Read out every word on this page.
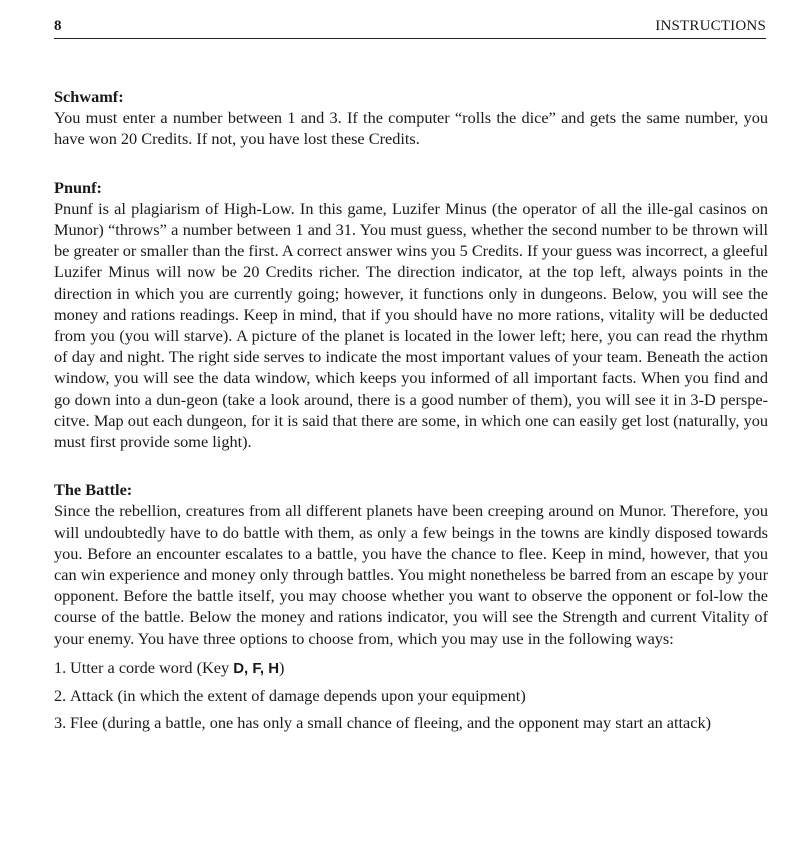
8	INSTRUCTIONS
Schwamf:

You must enter a number between 1 and 3. If the computer “rolls the dice” and gets the same number, you have won 20 Credits. If not, you have lost these Credits.

Pnunf:

Pnunf is al plagiarism of High-Low. In this game, Luzifer Minus (the operator of all the ille-gal casinos on Munor) “throws” a number between 1 and 31. You must guess, whether the second number to be thrown will be greater or smaller than the first. A correct answer wins you 5 Credits. If your guess was incorrect, a gleeful Luzifer Minus will now be 20 Credits richer. The direction indicator, at the top left, always points in the direction in which you are currently going; however, it functions only in dungeons. Below, you will see the money and rations readings. Keep in mind, that if you should have no more rations, vitality will be deducted from you (you will starve). A picture of the planet is located in the lower left; here, you can read the rhythm of day and night. The right side serves to indicate the most important values of your team. Beneath the action window, you will see the data window, which keeps you informed of all important facts. When you find and go down into a dun-geon (take a look around, there is a good number of them), you will see it in 3-D perspe-citve. Map out each dungeon, for it is said that there are some, in which one can easily get lost (naturally, you must first provide some light).

The Battle:

Since the rebellion, creatures from all different planets have been creeping around on Munor. Therefore, you will undoubtedly have to do battle with them, as only a few beings in the towns are kindly disposed towards you. Before an encounter escalates to a battle, you have the chance to flee. Keep in mind, however, that you can win experience and money only through battles. You might nonetheless be barred from an escape by your opponent. Before the battle itself, you may choose whether you want to observe the opponent or fol-low the course of the battle. Below the money and rations indicator, you will see the Strength and current Vitality of your enemy. You have three options to choose from, which you may use in the following ways:

1. Utter a corde word (Key D, F, H)
2. Attack (in which the extent of damage depends upon your equipment)
3. Flee (during a battle, one has only a small chance of fleeing, and the opponent may start an attack)
